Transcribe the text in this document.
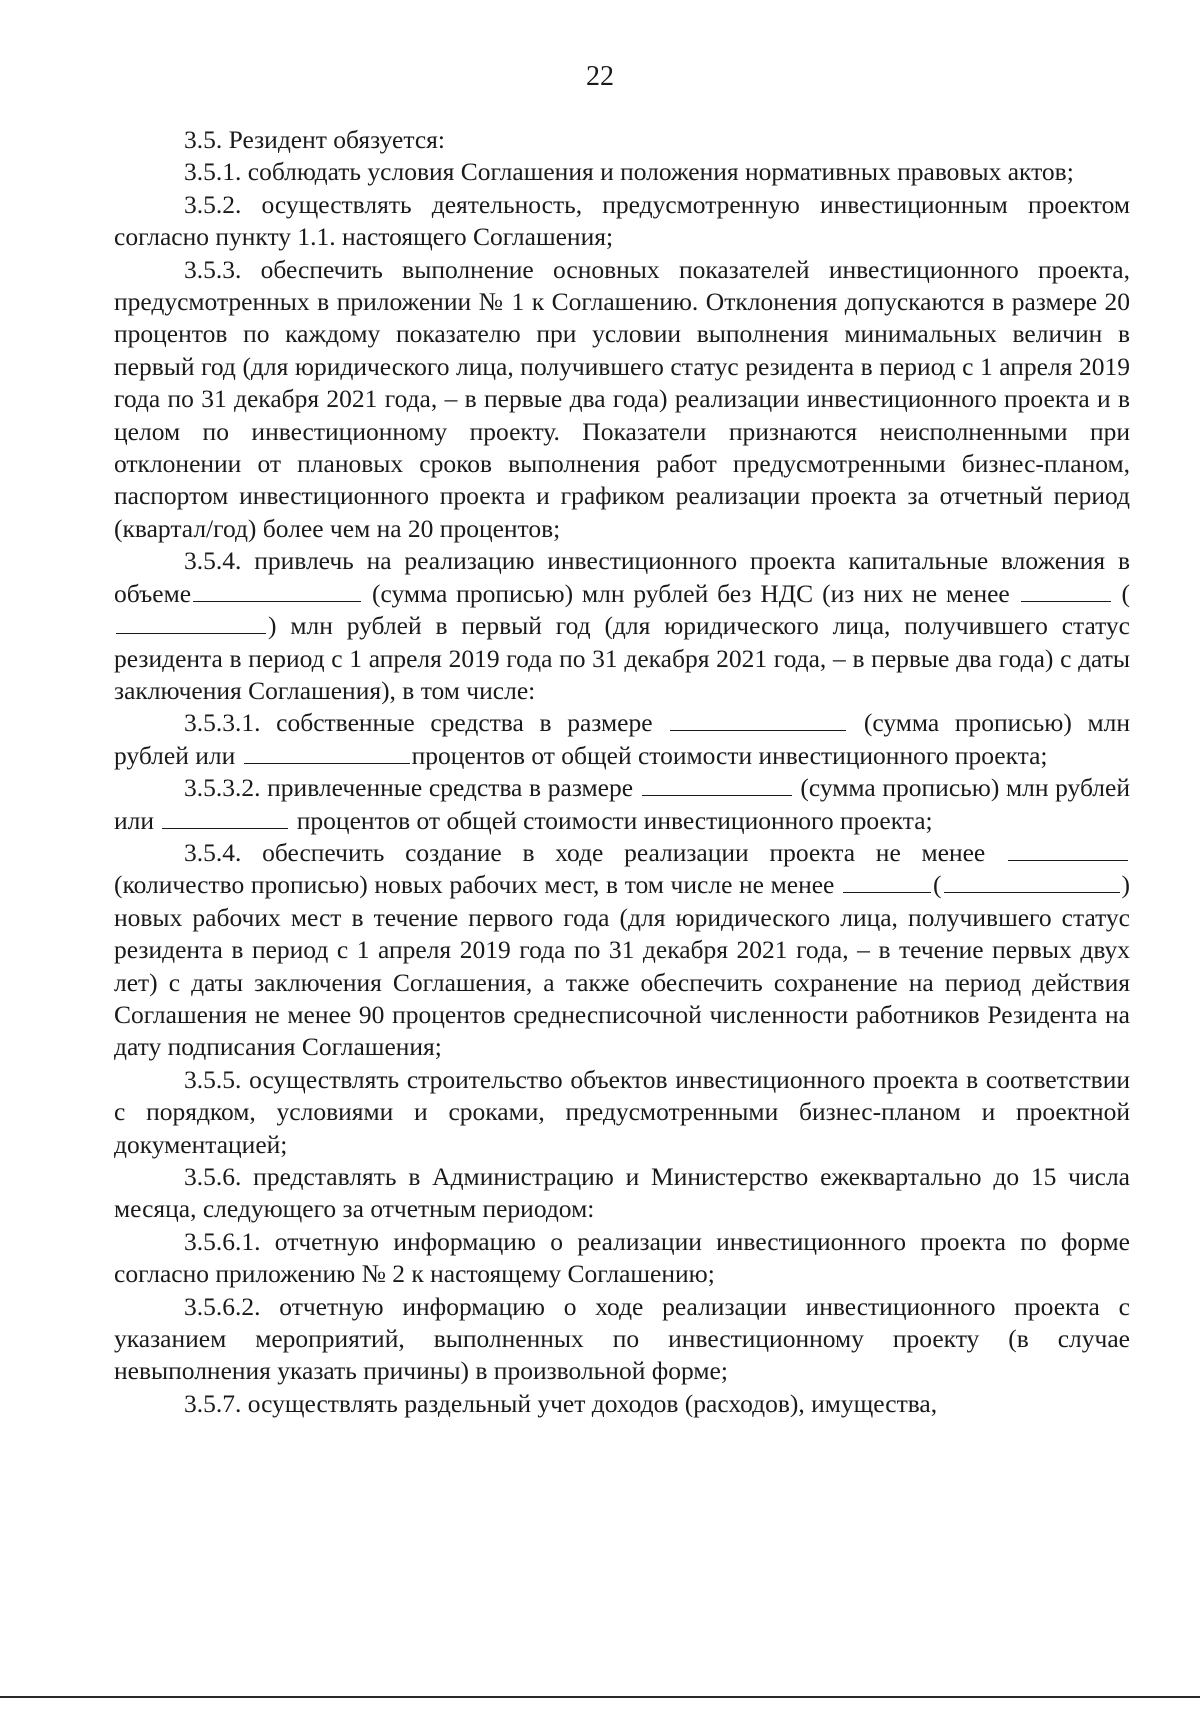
22

3.5. Резидент обязуется:

3.5.1. соблюдать условия Соглашения и положения нормативных правовых актов;

3.5.2. осуществлять деятельность, предусмотренную инвестиционным проектом согласно пункту 1.1. настоящего Соглашения;

3.5.3. обеспечить выполнение основных показателей инвестиционного проекта, предусмотренных в приложении № 1 к Соглашению. Отклонения допускаются в размере 20 процентов по каждому показателю при условии выполнения минимальных величин в первый год (для юридического лица, получившего статус резидента в период с 1 апреля 2019 года по 31 декабря 2021 года, – в первые два года) реализации инвестиционного проекта и в целом по инвестиционному проекту. Показатели признаются неисполненными при отклонении от плановых сроков выполнения работ предусмотренными бизнес-планом, паспортом инвестиционного проекта и графиком реализации проекта за отчетный период (квартал/год) более чем на 20 процентов;

3.5.4. привлечь на реализацию инвестиционного проекта капитальные вложения в объеме	(сумма прописью) млн рублей без НДС (из них не менее	() млн рублей в первый год (для юридического лица, получившего статус резидента в период с 1 апреля 2019 года по 31 декабря 2021 года, – в первые два года) с даты заключения Соглашения), в том числе:

3.5.3.1. собственные средства в размере	(сумма прописью) млн рублей или	процентов от общей стоимости инвестиционного проекта;

3.5.3.2. привлеченные средства в размере	(сумма прописью) млн рублей или	процентов от общей стоимости инвестиционного проекта;

3.5.4. обеспечить создание в ходе реализации проекта не менее  (количество прописью) новых рабочих мест, в том числе не менее	(	) новых рабочих мест в течение первого года (для юридического лица, получившего статус резидента в период с 1 апреля 2019 года по 31 декабря 2021 года, – в течение первых двух лет) с даты заключения Соглашения, а также обеспечить сохранение на период действия Соглашения не менее 90 процентов среднесписочной численности работников Резидента на дату подписания Соглашения;

3.5.5. осуществлять строительство объектов инвестиционного проекта в соответствии с порядком, условиями и сроками, предусмотренными бизнес-планом и проектной документацией;

3.5.6. представлять в Администрацию и Министерство ежеквартально до 15 числа месяца, следующего за отчетным периодом:

3.5.6.1. отчетную информацию о реализации инвестиционного проекта по форме согласно приложению № 2 к настоящему Соглашению;

3.5.6.2. отчетную информацию о ходе реализации инвестиционного проекта с указанием мероприятий, выполненных по инвестиционному проекту (в случае невыполнения указать причины) в произвольной форме;

3.5.7. осуществлять раздельный учет доходов (расходов), имущества,
